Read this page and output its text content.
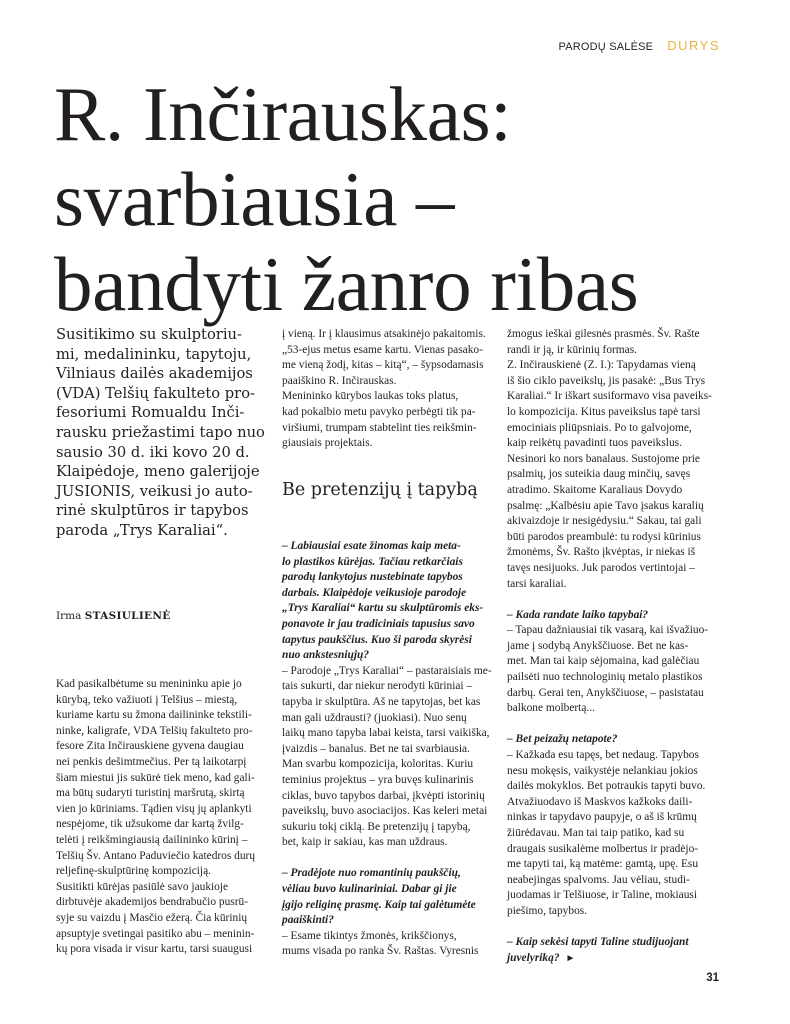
PARODŲ SALĖSE DURYS
R. Inčirauskas:
svarbiausia –
bandyti žanro ribas
Susitikimo su skulptoriu-
mi, medalininku, tapytoju,
Vilniaus dailės akademijos
(VDA) Telšių fakulteto pro-
fesoriumi Romualdu Inči-
rausku priežastimi tapo nuo
sausio 30 d. iki kovo 20 d.
Klaipėdoje, meno galerijoje
JUSIONIS, veikusi jo auto-
rinė skulptūros ir tapybos
paroda „Trys Karaliai“.
Irma STASIULIENĖ
Kad pasikalbėtume su menininku apie jo
kūrybą, teko važiuoti į Telšius – miestą,
kuriame kartu su žmona dailininke tekstili-
ninke, kaligrafe, VDA Telšių fakulteto pro-
fesore Zita Inčirauskiene gyvena daugiau
nei penkis dešimtmečius. Per tą laikotarpį
šiam miestui jis sukūrė tiek meno, kad gali-
ma būtų sudaryti turistinį maršrutą, skirtą
vien jo kūriniams. Tądien visų jų aplankyti
nespėjome, tik užsukome dar kartą žvilg-
telėti į reikšmingiausią dailininko kūrinį –
Telšių Šv. Antano Paduviečio katedros durų
reljefinę-skulptūrinę kompoziciją.
Susitikti kūrėjas pasiūlė savo jaukioje
dirbtuvėje akademijos bendrabučio pusrū-
syje su vaizdu į Masčio ežerą. Čia kūrinių
apsuptyje svetingai pasitiko abu – meninin-
kų pora visada ir visur kartu, tarsi suaugusi
į vieną. Ir į klausimus atsakinėjo pakaitomis.
„53-ejus metus esame kartu. Vienas pasako-
me vieną žodį, kitas – kitą“, – šypsodamasis
paaiškino R. Inčirauskas.
Menininko kūrybos laukas toks platus,
kad pokalbio metu pavyko perbėgti tik pa-
viršiumi, trumpam stabtelint ties reikšmin-
giausiais projektais.
Be pretenzijų į tapybą
– Labiausiai esate žinomas kaip meta-
lo plastikos kūrėjas. Tačiau retkarčiais
parodų lankytojus nustebinate tapybos
darbais. Klaipėdoje veikusioje parodoje
„Trys Karaliai“ kartu su skulptūromis eks-
ponavote ir jau tradiciniais tapusius savo
tapytus paukščius. Kuo ši paroda skyrėsi
nuo ankstesniųjų?
– Parodoje „Trys Karaliai“ – pastaraisiais me-
tais sukurti, dar niekur nerodyti kūriniai –
tapyba ir skulptūra. Aš ne tapytojas, bet kas
man gali uždrausti? (juokiasi). Nuo senų
laikų mano tapyba labai keista, tarsi vaikiška,
įvaizdis – banalus. Bet ne tai svarbiausia.
Man svarbu kompozicija, koloritas. Kuriu
teminius projektus – yra buvęs kulinarinis
ciklas, buvo tapybos darbai, įkvėpti istorinių
paveikslų, buvo asociacijos. Kas keleri metai
sukuriu tokį ciklą. Be pretenzijų į tapybą,
bet, kaip ir sakiau, kas man uždraus.
– Pradėjote nuo romantinių paukščių,
vėliau buvo kulinariniai. Dabar gi jie
įgijo religinę prasmę. Kaip tai galėtumėte
paaiškinti?
– Esame tikintys žmonės, krikščionys,
mums visada po ranka Šv. Raštas. Vyresnis
žmogus ieškai gilesnės prasmės. Šv. Rašte
randi ir ją, ir kūrinių formas.
Z. Inčirauskienė (Z. I.): Tapydamas vieną
iš šio ciklo paveikslų, jis pasakė: „Bus Trys
Karaliai.“ Ir iškart susiformavo visa paveiks-
lo kompozicija. Kitus paveikslus tapė tarsi
emociniais pliūpsniais. Po to galvojome,
kaip reikėtų pavadinti tuos paveikslus.
Nesinori ko nors banalaus. Sustojome prie
psalmių, jos suteikia daug minčių, savęs
atradimo. Skaitome Karaliaus Dovydo
psalmę: „Kalbėsiu apie Tavo įsakus karalių
akivaizdoje ir nesigėdysiu.“ Sakau, tai gali
būti parodos preambulė: tu rodysi kūrinius
žmonėms, Šv. Rašto įkvėptas, ir niekas iš
tavęs nesijuoks. Juk parodos vertintojai –
tarsi karaliai.
– Kada randate laiko tapybai?
– Tapau dažniausiai tik vasarą, kai išvažiuo-
jame į sodybą Anykščiuose. Bet ne kas-
met. Man tai kaip sėjomaina, kad galėčiau
pailsėti nuo technologinių metalo plastikos
darbų. Gerai ten, Anykščiuose, – pasistatau
balkone molbertą...
– Bet peizažų netapote?
– Kažkada esu tapęs, bet nedaug. Tapybos
nesu mokęsis, vaikystėje nelankiau jokios
dailės mokyklos. Bet potraukis tapyti buvo.
Atvažiuodavo iš Maskvos kažkoks daili-
ninkas ir tapydavo paupyje, o aš iš krūmų
žiūrėdavau. Man tai taip patiko, kad su
draugais susikalėme molbertus ir pradėjo-
me tapyti tai, ką matėme: gamtą, upę. Esu
neabejingas spalvoms. Jau vėliau, studi-
juodamas ir Telšiuose, ir Taline, mokiausi
piešimo, tapybos.
– Kaip sekėsi tapyti Taline studijuojant
juvelyriką? ►
31
